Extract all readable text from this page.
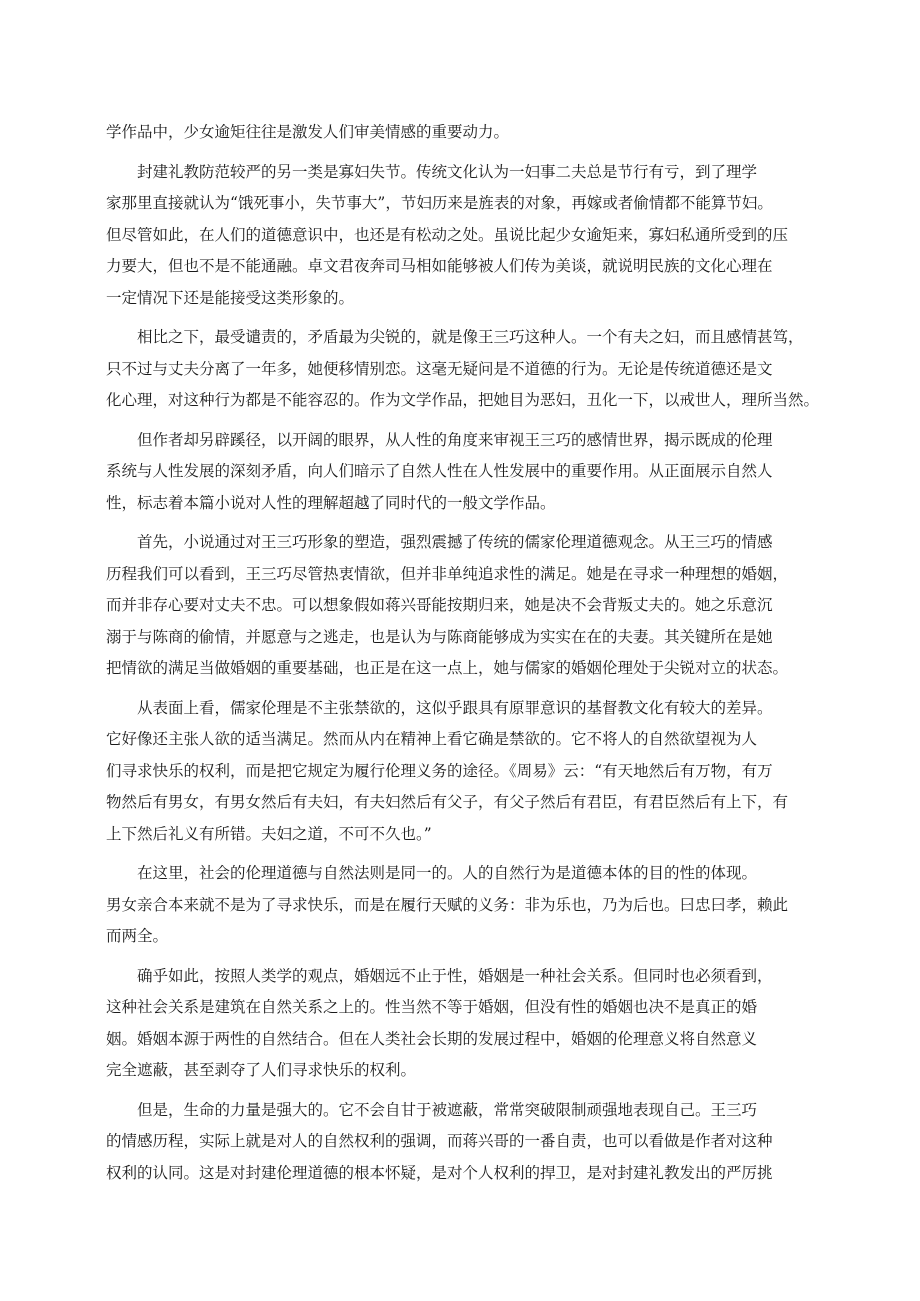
学作品中，少女逾矩往往是激发人们审美情感的重要动力。
封建礼教防范较严的另一类是寡妇失节。传统文化认为一妇事二夫总是节行有亏，到了理学
家那里直接就认为“饿死事小，失节事大”，节妇历来是旌表的对象，再嫁或者偷情都不能算节妇。
但尽管如此，在人们的道德意识中，也还是有松动之处。虽说比起少女逾矩来，寡妇私通所受到的压
力要大，但也不是不能通融。卓文君夜奔司马相如能够被人们传为美谈，就说明民族的文化心理在
一定情况下还是能接受这类形象的。
相比之下，最受谴责的，矛盾最为尖锐的，就是像王三巧这种人。一个有夫之妇，而且感情甚笃，
只不过与丈夫分离了一年多，她便移情别恋。这毫无疑问是不道德的行为。无论是传统道德还是文
化心理，对这种行为都是不能容忍的。作为文学作品，把她目为恶妇，丑化一下，以戒世人，理所当然。
但作者却另辟蹊径，以开阔的眼界，从人性的角度来审视王三巧的感情世界，揭示既成的伦理
系统与人性发展的深刻矛盾，向人们暗示了自然人性在人性发展中的重要作用。从正面展示自然人
性，标志着本篇小说对人性的理解超越了同时代的一般文学作品。
首先，小说通过对王三巧形象的塑造，强烈震撼了传统的儒家伦理道德观念。从王三巧的情感
历程我们可以看到，王三巧尽管热衷情欲，但并非单纯追求性的满足。她是在寻求一种理想的婚姻，
而并非存心要对丈夫不忠。可以想象假如蒋兴哥能按期归来，她是决不会背叛丈夫的。她之乐意沉
溺于与陈商的偷情，并愿意与之逃走，也是认为与陈商能够成为实实在在的夫妻。其关键所在是她
把情欲的满足当做婚姻的重要基础，也正是在这一点上，她与儒家的婚姻伦理处于尖锐对立的状态。
从表面上看，儒家伦理是不主张禁欲的，这似乎跟具有原罪意识的基督教文化有较大的差异。
它好像还主张人欲的适当满足。然而从内在精神上看它确是禁欲的。它不将人的自然欲望视为人
们寻求快乐的权利，而是把它规定为履行伦理义务的途径。《周易》云：“有天地然后有万物，有万
物然后有男女，有男女然后有夫妇，有夫妇然后有父子，有父子然后有君臣，有君臣然后有上下，有
上下然后礼义有所错。夫妇之道，不可不久也。”
在这里，社会的伦理道德与自然法则是同一的。人的自然行为是道德本体的目的性的体现。
男女亲合本来就不是为了寻求快乐，而是在履行天赋的义务：非为乐也，乃为后也。曰忠曰孝，赖此
而两全。
确乎如此，按照人类学的观点，婚姻远不止于性，婚姻是一种社会关系。但同时也必须看到，
这种社会关系是建筑在自然关系之上的。性当然不等于婚姻，但没有性的婚姻也决不是真正的婚
姻。婚姻本源于两性的自然结合。但在人类社会长期的发展过程中，婚姻的伦理意义将自然意义
完全遮蔽，甚至剥夺了人们寻求快乐的权利。
但是，生命的力量是强大的。它不会自甘于被遮蔽，常常突破限制顽强地表现自己。王三巧
的情感历程，实际上就是对人的自然权利的强调，而蒋兴哥的一番自责，也可以看做是作者对这种
权利的认同。这是对封建伦理道德的根本怀疑，是对个人权利的捍卫，是对封建礼教发出的严厉挑
